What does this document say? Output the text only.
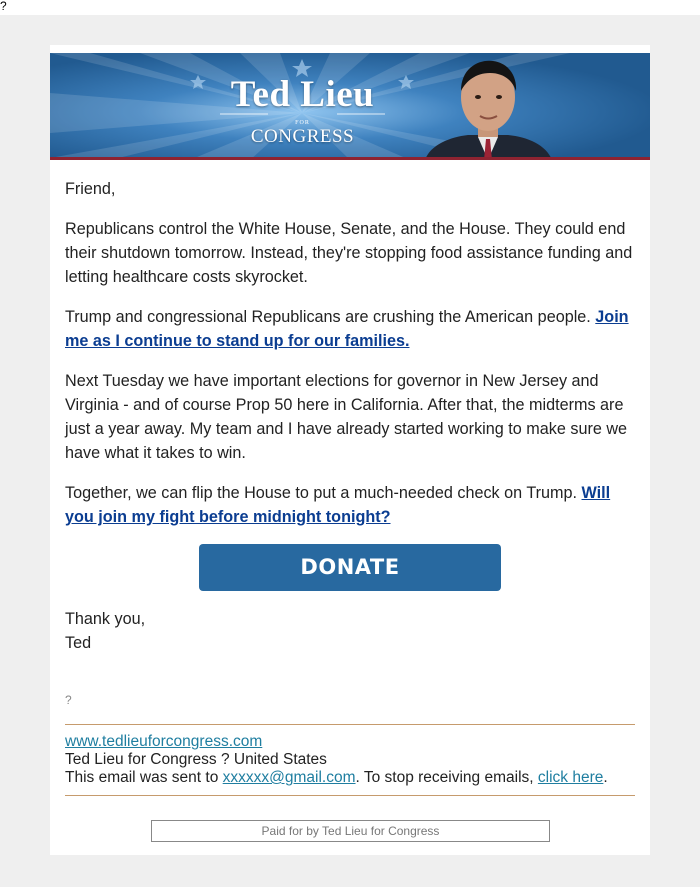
?
Ted Lieu
FOR
CONGRESS

Friend,

Republicans control the White House, Senate, and the House. They could end their shutdown tomorrow. Instead, they're stopping food assistance funding and letting healthcare costs skyrocket.

Trump and congressional Republicans are crushing the American people. Join me as I continue to stand up for our families.

Next Tuesday we have important elections for governor in New Jersey and Virginia - and of course Prop 50 here in California. After that, the midterms are just a year away. My team and I have already started working to make sure we have what it takes to win.

Together, we can flip the House to put a much-needed check on Trump. Will you join my fight before midnight tonight?

DONATE
Thank you,
Ted
?
www.tedlieuforcongress.com
Ted Lieu for Congress ? United States
This email was sent to xxxxxx@gmail.com. To stop receiving emails, click here.
Paid for by Ted Lieu for Congress
